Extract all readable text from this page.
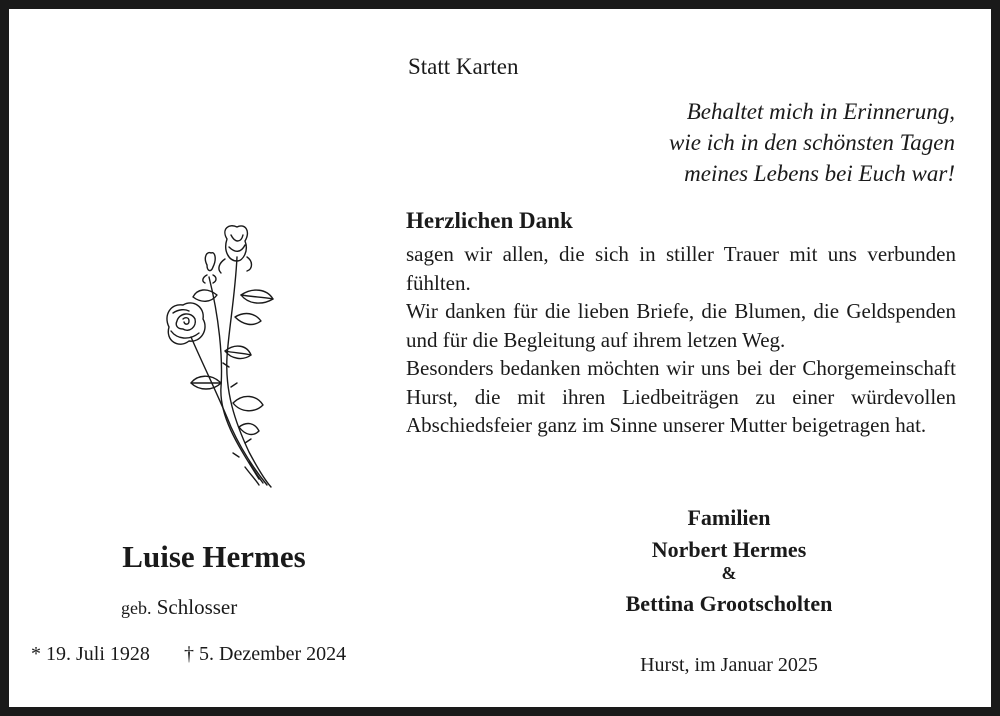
Statt Karten
Behaltet mich in Erinnerung,
wie ich in den schönsten Tagen
meines Lebens bei Euch war!
Herzlichen Dank

sagen wir allen, die sich in stiller Trauer mit uns verbunden fühlten.

Wir danken für die lieben Briefe, die Blumen, die Geldspenden und für die Begleitung auf ihrem letzen Weg.

Besonders bedanken möchten wir uns bei der Chorgemeinschaft Hurst, die mit ihren Liedbeiträgen zu einer würdevollen Abschiedsfeier ganz im Sinne unserer Mutter beigetragen hat.

Familien
Norbert Hermes
&
Bettina Grootscholten
Hurst, im Januar 2025
Luise Hermes
geb. Schlosser
* 19. Juli 1928 † 5. Dezember 2024
